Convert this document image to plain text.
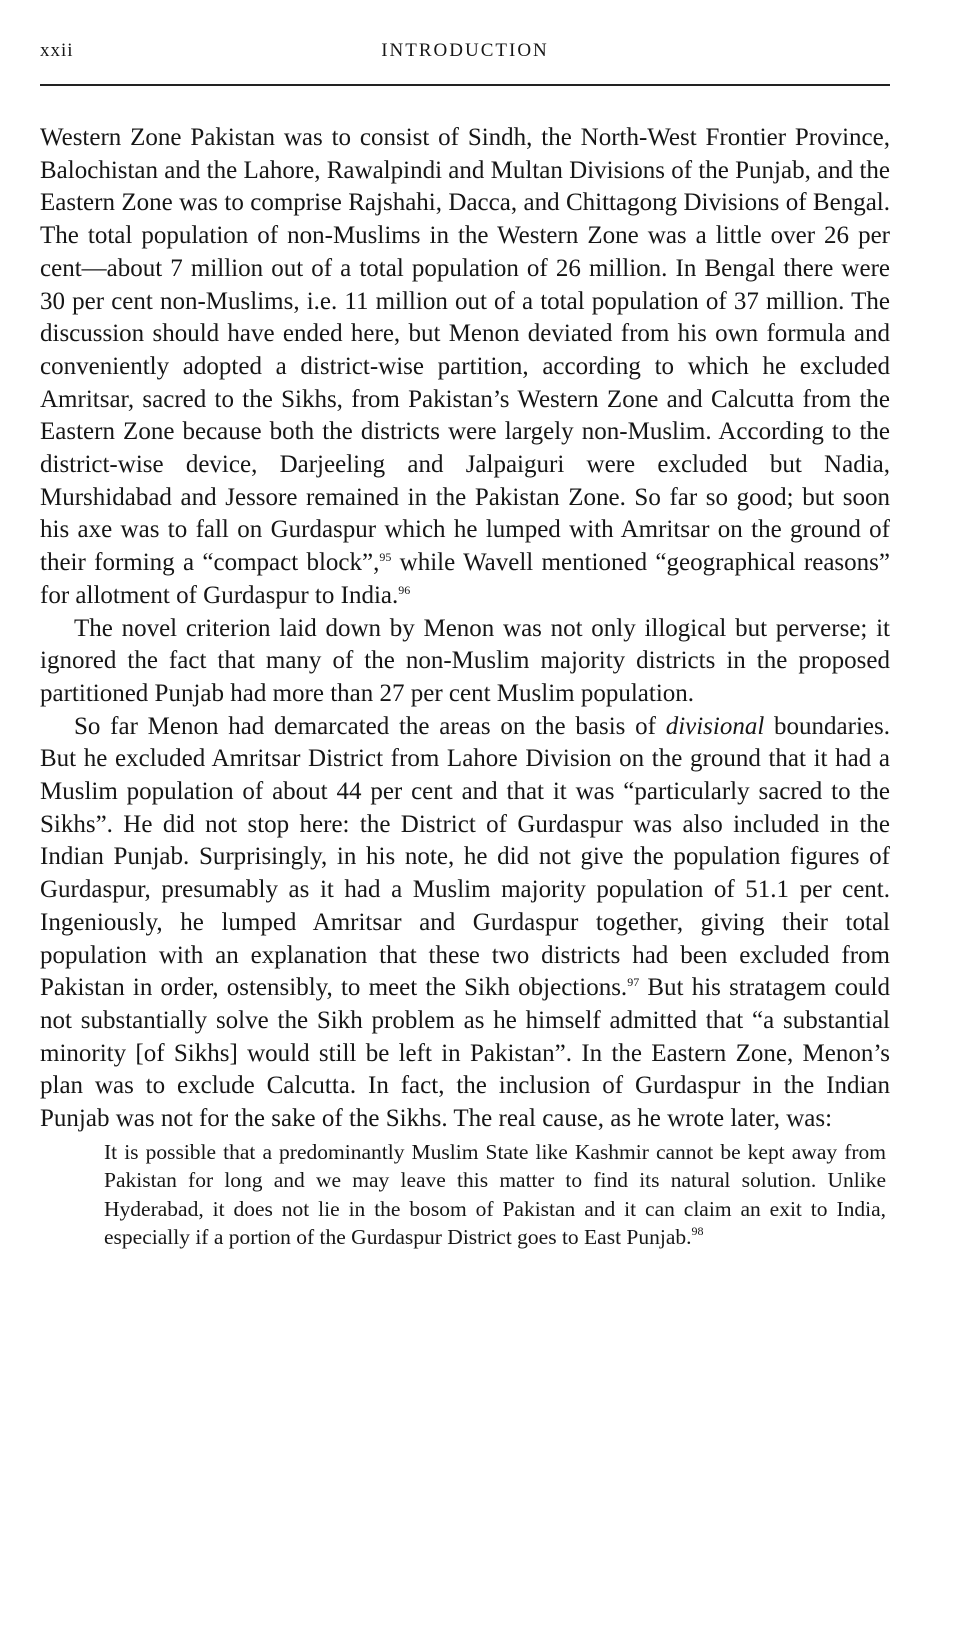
xxii	INTRODUCTION

Western Zone Pakistan was to consist of Sindh, the North-West Frontier Province, Balochistan and the Lahore, Rawalpindi and Multan Divisions of the Punjab, and the Eastern Zone was to comprise Rajshahi, Dacca, and Chittagong Divisions of Bengal. The total population of non-Muslims in the Western Zone was a little over 26 per cent—about 7 million out of a total population of 26 million. In Bengal there were 30 per cent non-Muslims, i.e. 11 million out of a total population of 37 million. The discussion should have ended here, but Menon deviated from his own formula and conveniently adopted a district-wise partition, according to which he excluded Amritsar, sacred to the Sikhs, from Pakistan’s Western Zone and Calcutta from the Eastern Zone because both the districts were largely non-Muslim. According to the district-wise device, Darjeeling and Jalpaiguri were excluded but Nadia, Murshidabad and Jessore remained in the Pakistan Zone. So far so good; but soon his axe was to fall on Gurdaspur which he lumped with Amritsar on the ground of their forming a “compact block”,$^{95}$ while Wavell mentioned “geographical reasons” for allotment of Gurdaspur to India.$^{96}$

The novel criterion laid down by Menon was not only illogical but perverse; it ignored the fact that many of the non-Muslim majority districts in the proposed partitioned Punjab had more than 27 per cent Muslim population.

So far Menon had demarcated the areas on the basis of divisional boundaries. But he excluded Amritsar District from Lahore Division on the ground that it had a Muslim population of about 44 per cent and that it was “particularly sacred to the Sikhs”. He did not stop here: the District of Gurdaspur was also included in the Indian Punjab. Surprisingly, in his note, he did not give the population figures of Gurdaspur, presumably as it had a Muslim majority population of 51.1 per cent. Ingeniously, he lumped Amritsar and Gurdaspur together, giving their total population with an explanation that these two districts had been excluded from Pakistan in order, ostensibly, to meet the Sikh objections.$^{97}$ But his stratagem could not substantially solve the Sikh problem as he himself admitted that “a substantial minority [of Sikhs] would still be left in Pakistan”. In the Eastern Zone, Menon’s plan was to exclude Calcutta. In fact, the inclusion of Gurdaspur in the Indian Punjab was not for the sake of the Sikhs. The real cause, as he wrote later, was:

It is possible that a predominantly Muslim State like Kashmir cannot be kept away from Pakistan for long and we may leave this matter to find its natural solution. Unlike Hyderabad, it does not lie in the bosom of Pakistan and it can claim an exit to India, especially if a portion of the Gurdaspur District goes to East Punjab.$^{98}$
